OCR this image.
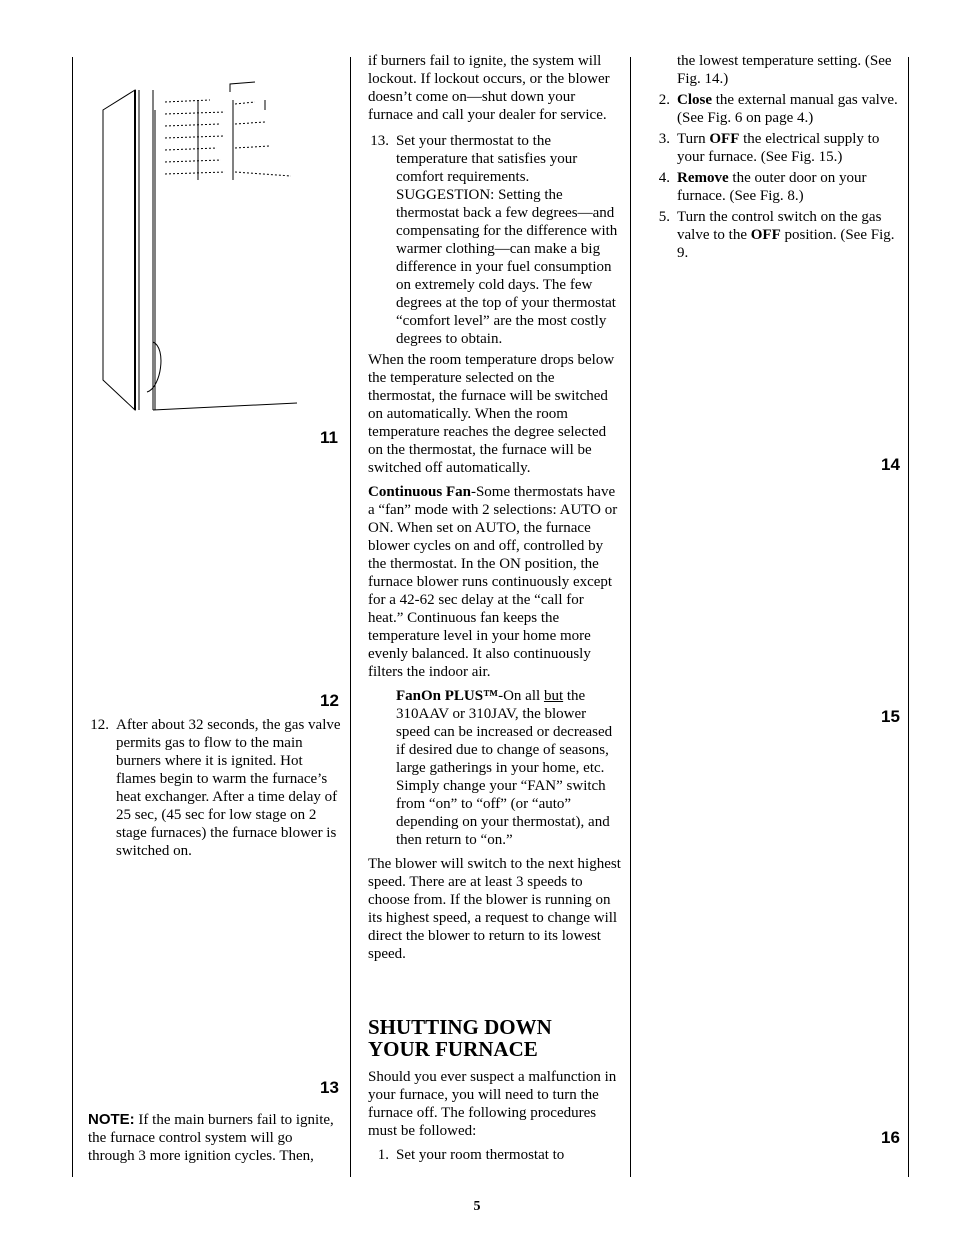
11
12
13
14
15
16
12. After about 32 seconds, the gas valve permits gas to flow to the main burners where it is ignited. Hot flames begin to warm the furnace’s heat exchanger. After a time delay of 25 sec, (45 sec for low stage on 2 stage furnaces) the furnace blower is switched on.

NOTE: If the main burners fail to ignite, the furnace control system will go through 3 more ignition cycles. Then,

if burners fail to ignite, the system will lockout. If lockout occurs, or the blower doesn’t come on—shut down your furnace and call your dealer for service.

13. Set your thermostat to the temperature that satisfies your comfort requirements. SUGGESTION: Setting the thermostat back a few degrees—and compensating for the difference with warmer clothing—can make a big difference in your fuel consumption on extremely cold days. The few degrees at the top of your thermostat “comfort level” are the most costly degrees to obtain.

When the room temperature drops below the temperature selected on the thermostat, the furnace will be switched on automatically. When the room temperature reaches the degree selected on the thermostat, the furnace will be switched off automatically.

Continuous Fan-Some thermostats have a “fan” mode with 2 selections: AUTO or ON. When set on AUTO, the furnace blower cycles on and off, controlled by the thermostat. In the ON position, the furnace blower runs continuously except for a 42-62 sec delay at the “call for heat.” Continuous fan keeps the temperature level in your home more evenly balanced. It also continuously filters the indoor air.

FanOn PLUS™-On all but the 310AAV or 310JAV, the blower speed can be increased or decreased if desired due to change of seasons, large gatherings in your home, etc. Simply change your “FAN” switch from “on” to “off” (or “auto” depending on your thermostat), and then return to “on.”

The blower will switch to the next highest speed. There are at least 3 speeds to choose from. If the blower is running on its highest speed, a request to change will direct the blower to return to its lowest speed.

SHUTTING DOWN YOUR FURNACE

Should you ever suspect a malfunction in your furnace, you will need to turn the furnace off. The following procedures must be followed:

1. Set your room thermostat to
the lowest temperature setting. (See Fig. 14.)
2. Close the external manual gas valve. (See Fig. 6 on page 4.)
3. Turn OFF the electrical supply to your furnace. (See Fig. 15.)
4. Remove the outer door on your furnace. (See Fig. 8.)
5. Turn the control switch on the gas valve to the OFF position. (See Fig. 9.
5
